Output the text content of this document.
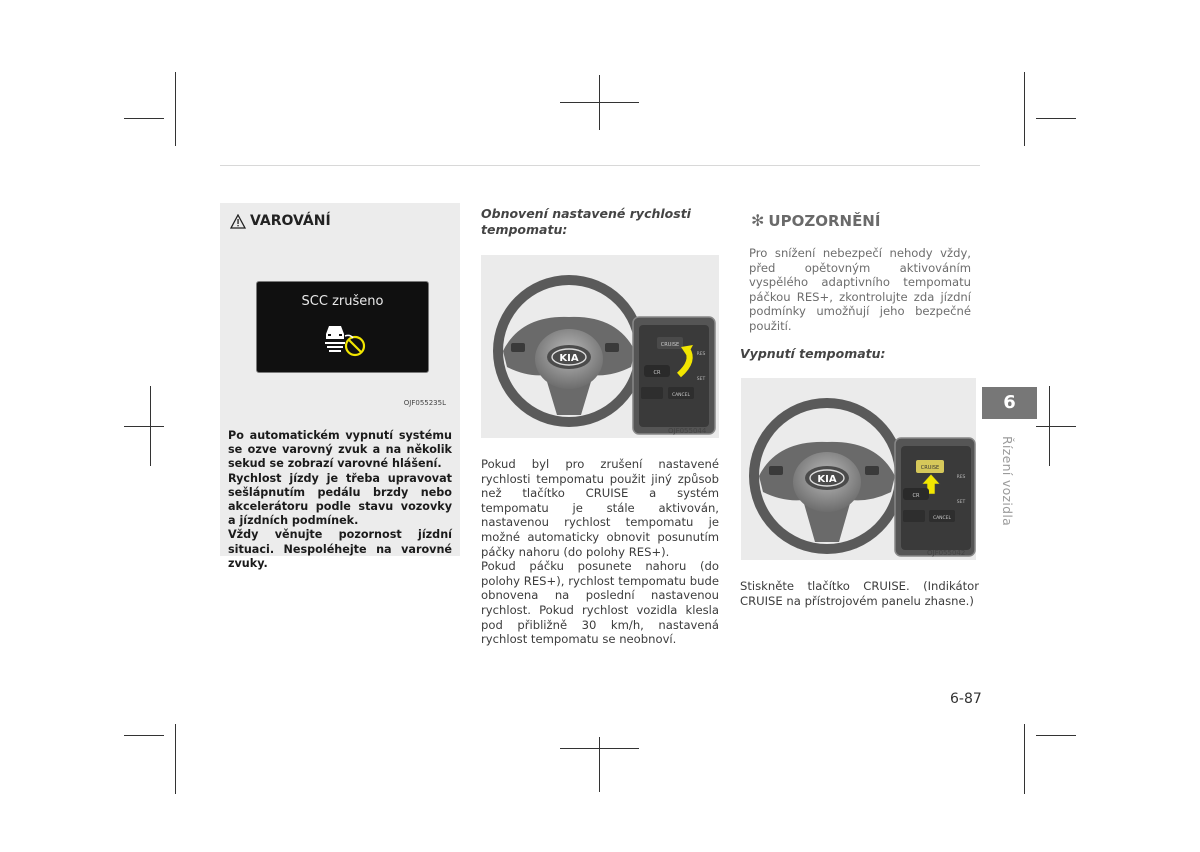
VAROVÁNÍ
SCC zrušeno
OJF055235L

Po automatickém vypnutí systému se ozve varovný zvuk a na několik sekud se zobrazí varovné hlášení.

Rychlost jízdy je třeba upravovat sešlápnutím pedálu brzdy nebo akcelerátoru podle stavu vozovky a jízdních podmínek.

Vždy věnujte pozornost jízdní situaci. Nespoléhejte na varovné zvuky.

Obnovení nastavené rychlosti tempomatu:
KIA
CRUISE
CR
RES
SET
CANCEL
OJF055044

Pokud byl pro zrušení nastavené rychlosti tempomatu použit jiný způsob než tlačítko CRUISE a systém tempomatu je stále aktivován, nastavenou rychlost tempomatu je možné automaticky obnovit posunutím páčky nahoru (do polohy RES+).

Pokud páčku posunete nahoru (do polohy RES+), rychlost tempomatu bude obnovena na poslední nastavenou rychlost. Pokud rychlost vozidla klesla pod přibližně 30 km/h, nastavená rychlost tempomatu se neobnoví.

✻ UPOZORNĚNÍ
Pro snížení nebezpečí nehody vždy, před opětovným aktivováním vyspělého adaptivního tempomatu páčkou RES+, zkontrolujte zda jízdní podmínky umožňují jeho bezpečné použití.
Vypnutí tempomatu:
KIA
CRUISE
CR
RES
SET
CANCEL
OJF055042
Stiskněte tlačítko CRUISE. (Indikátor CRUISE na přístrojovém panelu zhasne.)
6
Řízení vozidla
6-87
